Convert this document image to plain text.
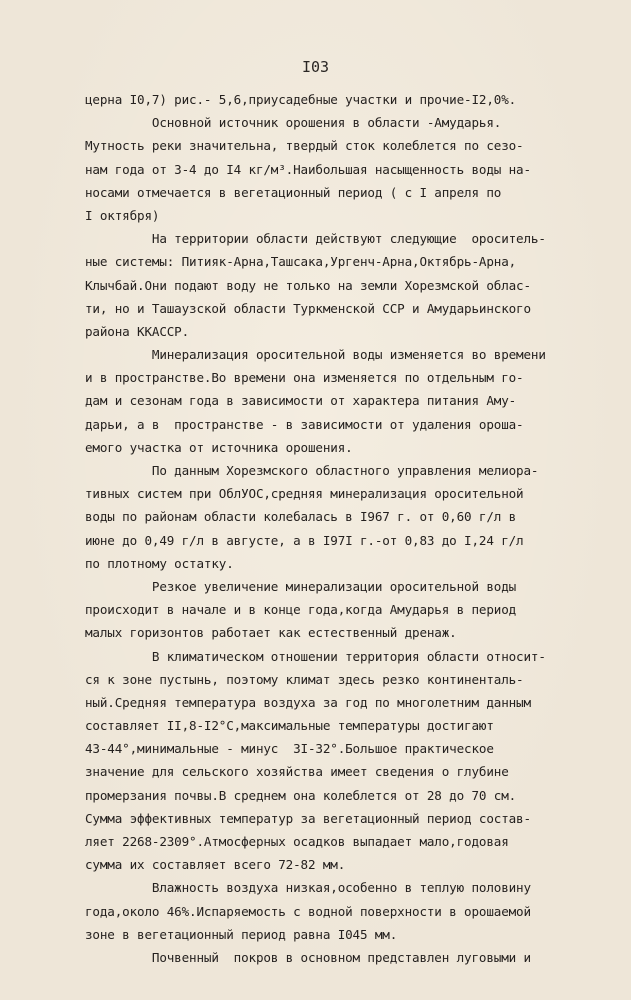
I03
церна I0,7) рис.- 5,6,приусадебные участки и прочие-I2,0%.
Основной источник орошения в области -Амударья.
Мутность реки значительна, твердый сток колеблется по сезо-
нам года от 3-4 до I4 кг/м³.Наибольшая насыщенность воды на-
носами отмечается в вегетационный период ( с I апреля по
I октября)
На территории области действуют следующие  ороситель-
ные системы: Питияк-Арна,Ташсака,Ургенч-Арна,Октябрь-Арна,
Клычбай.Они подают воду не только на земли Хорезмской облас-
ти, но и Ташаузской области Туркменской ССР и Амударьинского
района ККАССР.
Минерализация оросительной воды изменяется во времени
и в пространстве.Во времени она изменяется по отдельным го-
дам и сезонам года в зависимости от характера питания Аму-
дарьи, а в  пространстве - в зависимости от удаления ороша-
емого участка от источника орошения.
По данным Хорезмского областного управления мелиора-
тивных систем при ОблУОС,средняя минерализация оросительной
воды по районам области колебалась в I967 г. от 0,60 г/л в
июне до 0,49 г/л в августе, а в I97I г.-от 0,83 до I,24 г/л
по плотному остатку.
Резкое увеличение минерализации оросительной воды
происходит в начале и в конце года,когда Амударья в период
малых горизонтов работает как естественный дренаж.
В климатическом отношении территория области относит-
ся к зоне пустынь, поэтому климат здесь резко континенталь-
ный.Средняя температура воздуха за год по многолетним данным
составляет II,8-I2°С,максимальные температуры достигают
43-44°,минимальные - минус  3I-32°.Большое практическое
значение для сельского хозяйства имеет сведения о глубине
промерзания почвы.В среднем она колеблется от 28 до 70 см.
Сумма эффективных температур за вегетационный период состав-
ляет 2268-2309°.Атмосферных осадков выпадает мало,годовая
сумма их составляет всего 72-82 мм.
Влажность воздуха низкая,особенно в теплую половину
года,около 46%.Испаряемость с водной поверхности в орошаемой
зоне в вегетационный период равна I045 мм.
Почвенный  покров в основном представлен луговыми и
